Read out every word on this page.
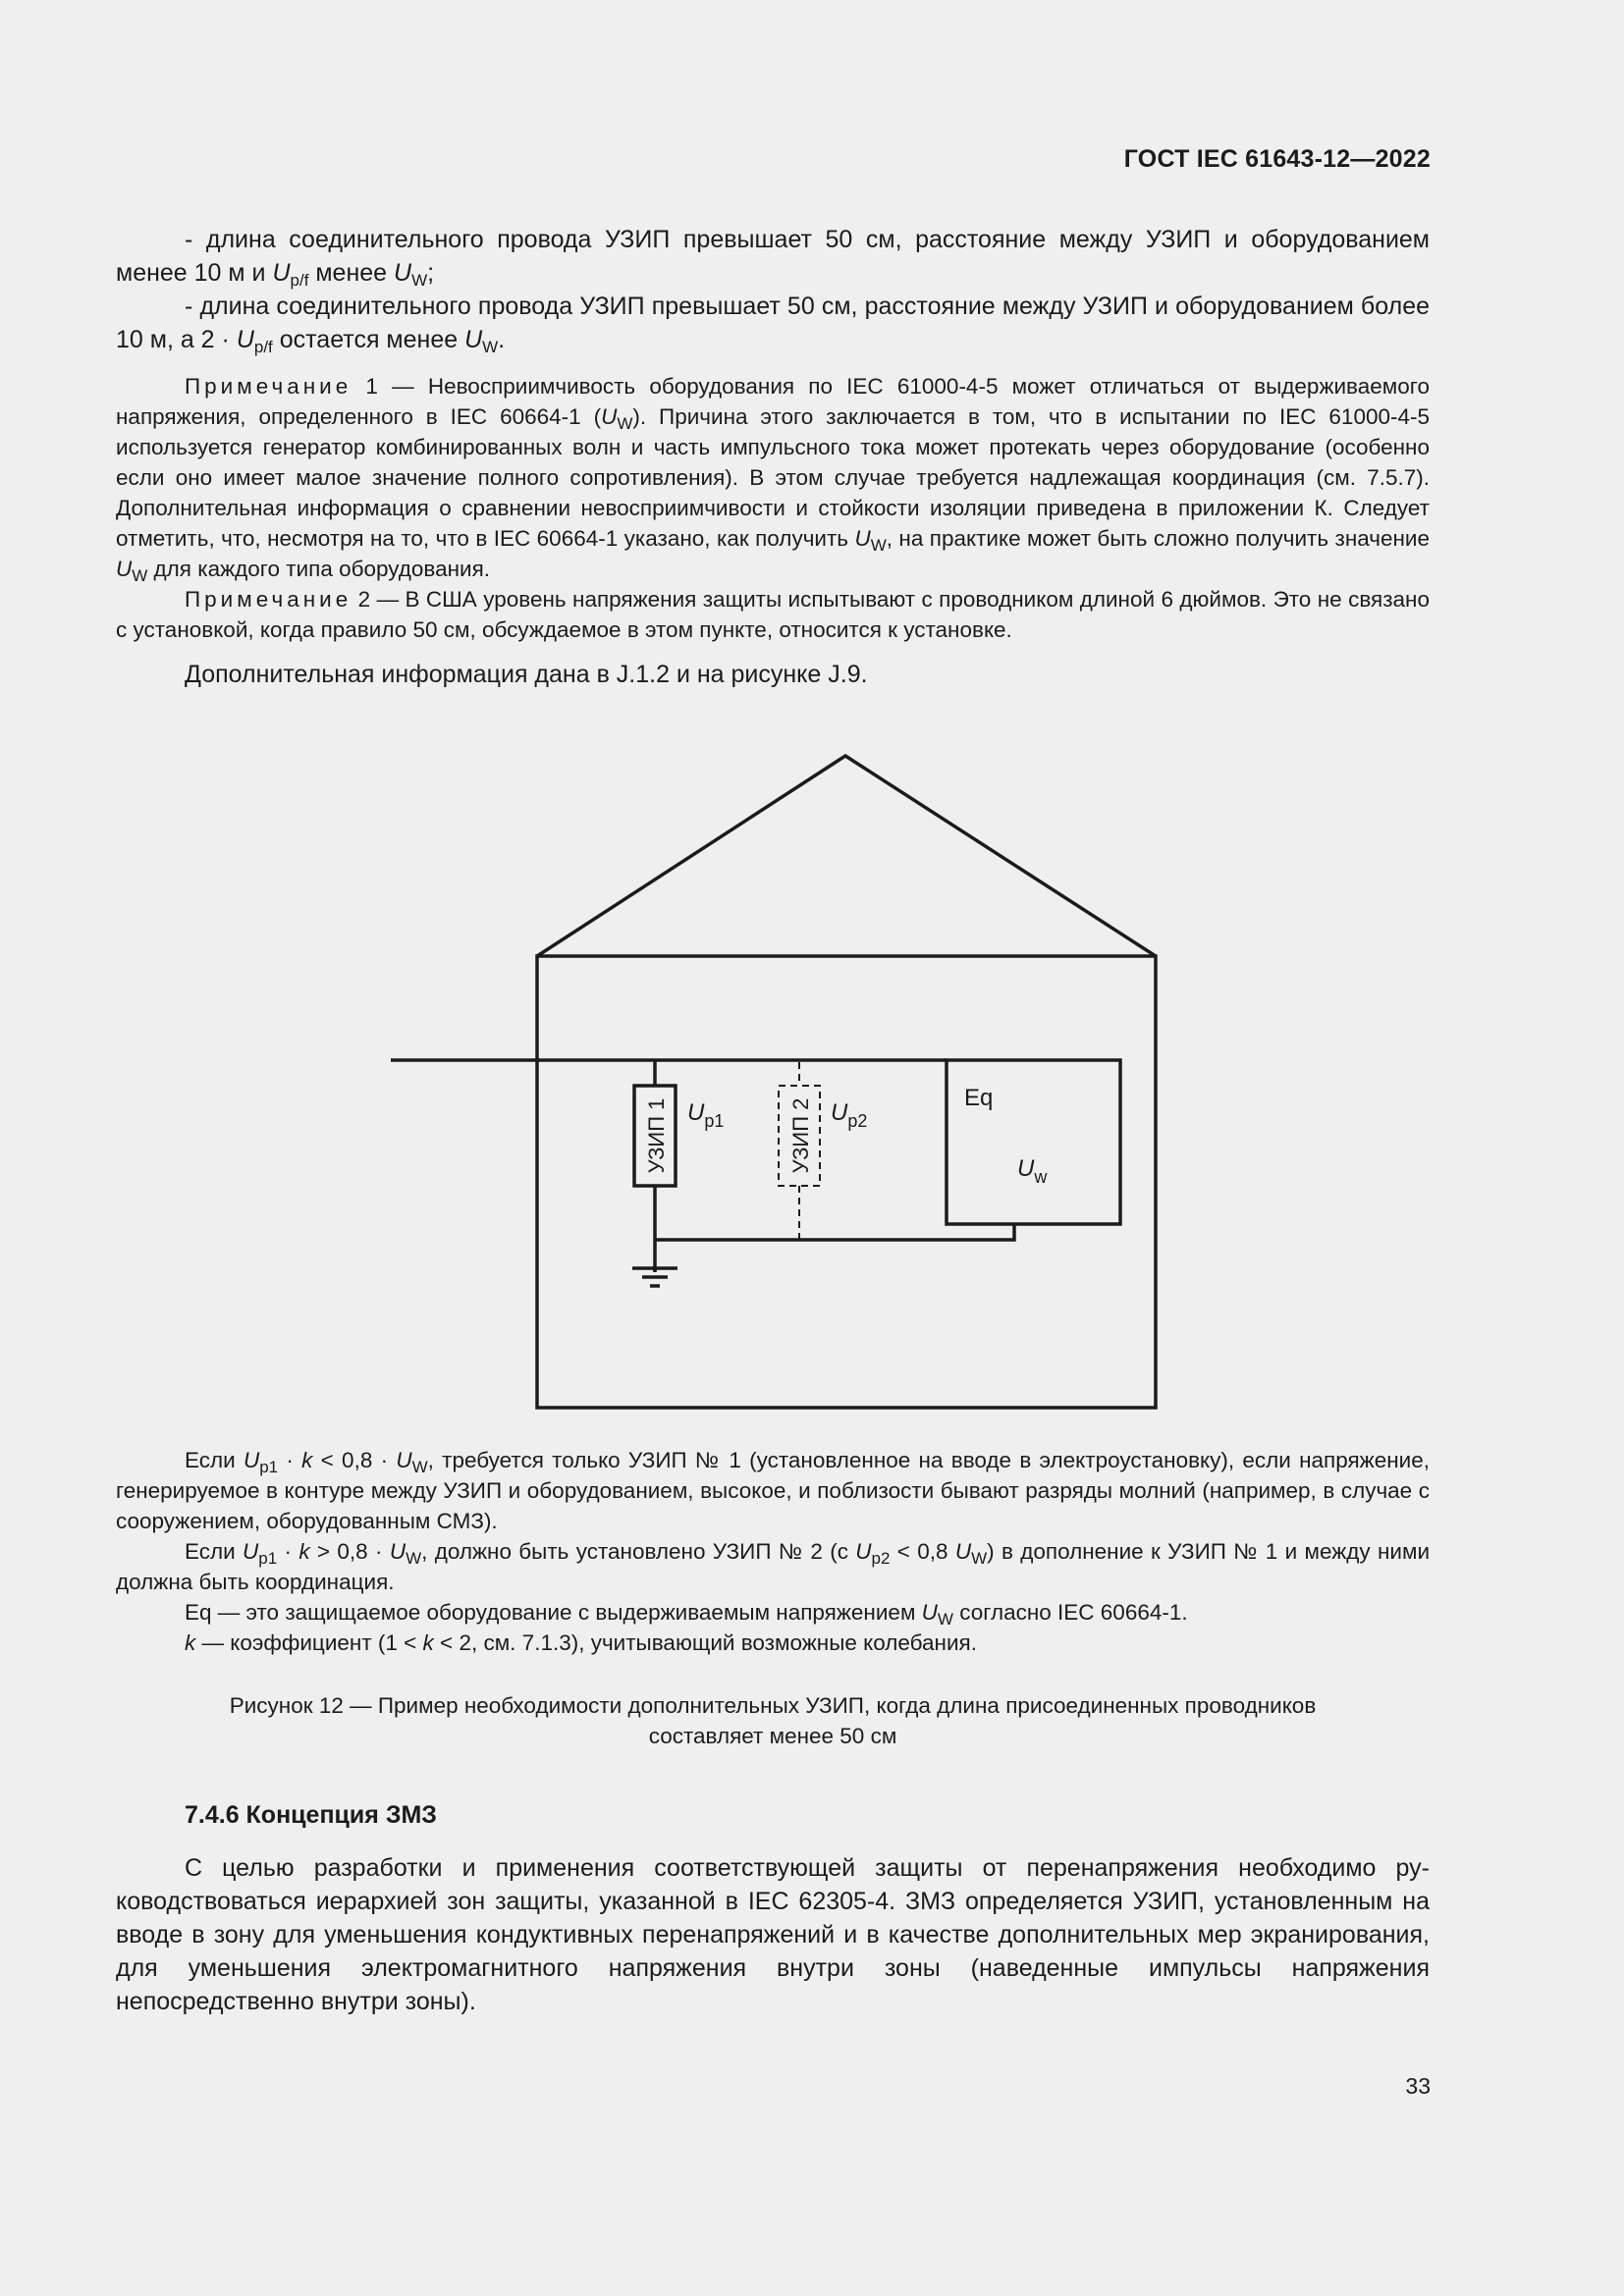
ГОСТ IEC 61643-12—2022

- длина соединительного провода УЗИП превышает 50 см, расстояние между УЗИП и оборудованием менее 10 м и $U_{p/f}$ менее $U_W$;

- длина соединительного провода УЗИП превышает 50 см, расстояние между УЗИП и оборудованием более 10 м, а $2 \cdot U_{p/f}$ остается менее $U_W$.

Примечание 1 — Невосприимчивость оборудования по IEC 61000-4-5 может отличаться от выдерживаемого напряжения, определенного в IEC 60664-1 $(U_W)$. Причина этого заключается в том, что в испытании по IEC 61000-4-5 используется генератор комбинированных волн и часть импульсного тока может протекать через оборудование (особенно если оно имеет малое значение полного сопротивления). В этом случае требуется надлежащая координация (см. 7.5.7). Дополнительная информация о сравнении невосприимчивости и стойкости изоляции приведена в приложении К. Следует отметить, что, несмотря на то, что в IEC 60664-1 указано, как получить $U_W$, на практике может быть сложно получить значение $U_W$ для каждого типа оборудования.

Примечание 2 — В США уровень напряжения защиты испытывают с проводником длиной 6 дюймов. Это не связано с установкой, когда правило 50 см, обсуждаемое в этом пункте, относится к установке.

Дополнительная информация дана в J.1.2 и на рисунке J.9.

УЗИП 1	УЗИП 2
$U_{p1}$	$U_{p2}$
Eq
$U_w$

Если $U_{p1} \cdot k < 0,8 \cdot U_W$, требуется только УЗИП № 1 (установленное на вводе в электроустановку), если напряжение, генерируемое в контуре между УЗИП и оборудованием, высокое, и поблизости бывают разряды молний (например, в случае с сооружением, оборудованным СМЗ).

Если $U_{p1} \cdot k > 0,8 \cdot U_W$, должно быть установлено УЗИП № 2 (с $U_{p2} < 0,8$ $U_W$) в дополнение к УЗИП № 1 и между ними должна быть координация.

Eq — это защищаемое оборудование с выдерживаемым напряжением $U_W$ согласно IEC 60664-1.

k — коэффициент (1 < k < 2, см. 7.1.3), учитывающий возможные колебания.

Рисунок 12 — Пример необходимости дополнительных УЗИП, когда длина присоединенных проводников
составляет менее 50 см
7.4.6 Концепция ЗМЗ

С целью разработки и применения соответствующей защиты от перенапряжения необходимо руководствоваться иерархией зон защиты, указанной в IEC 62305-4. ЗМЗ определяется УЗИП, установленным на вводе в зону для уменьшения кондуктивных перенапряжений и в качестве дополнительных мер экранирования, для уменьшения электромагнитного напряжения внутри зоны (наведенные импульсы напряжения непосредственно внутри зоны).

33
